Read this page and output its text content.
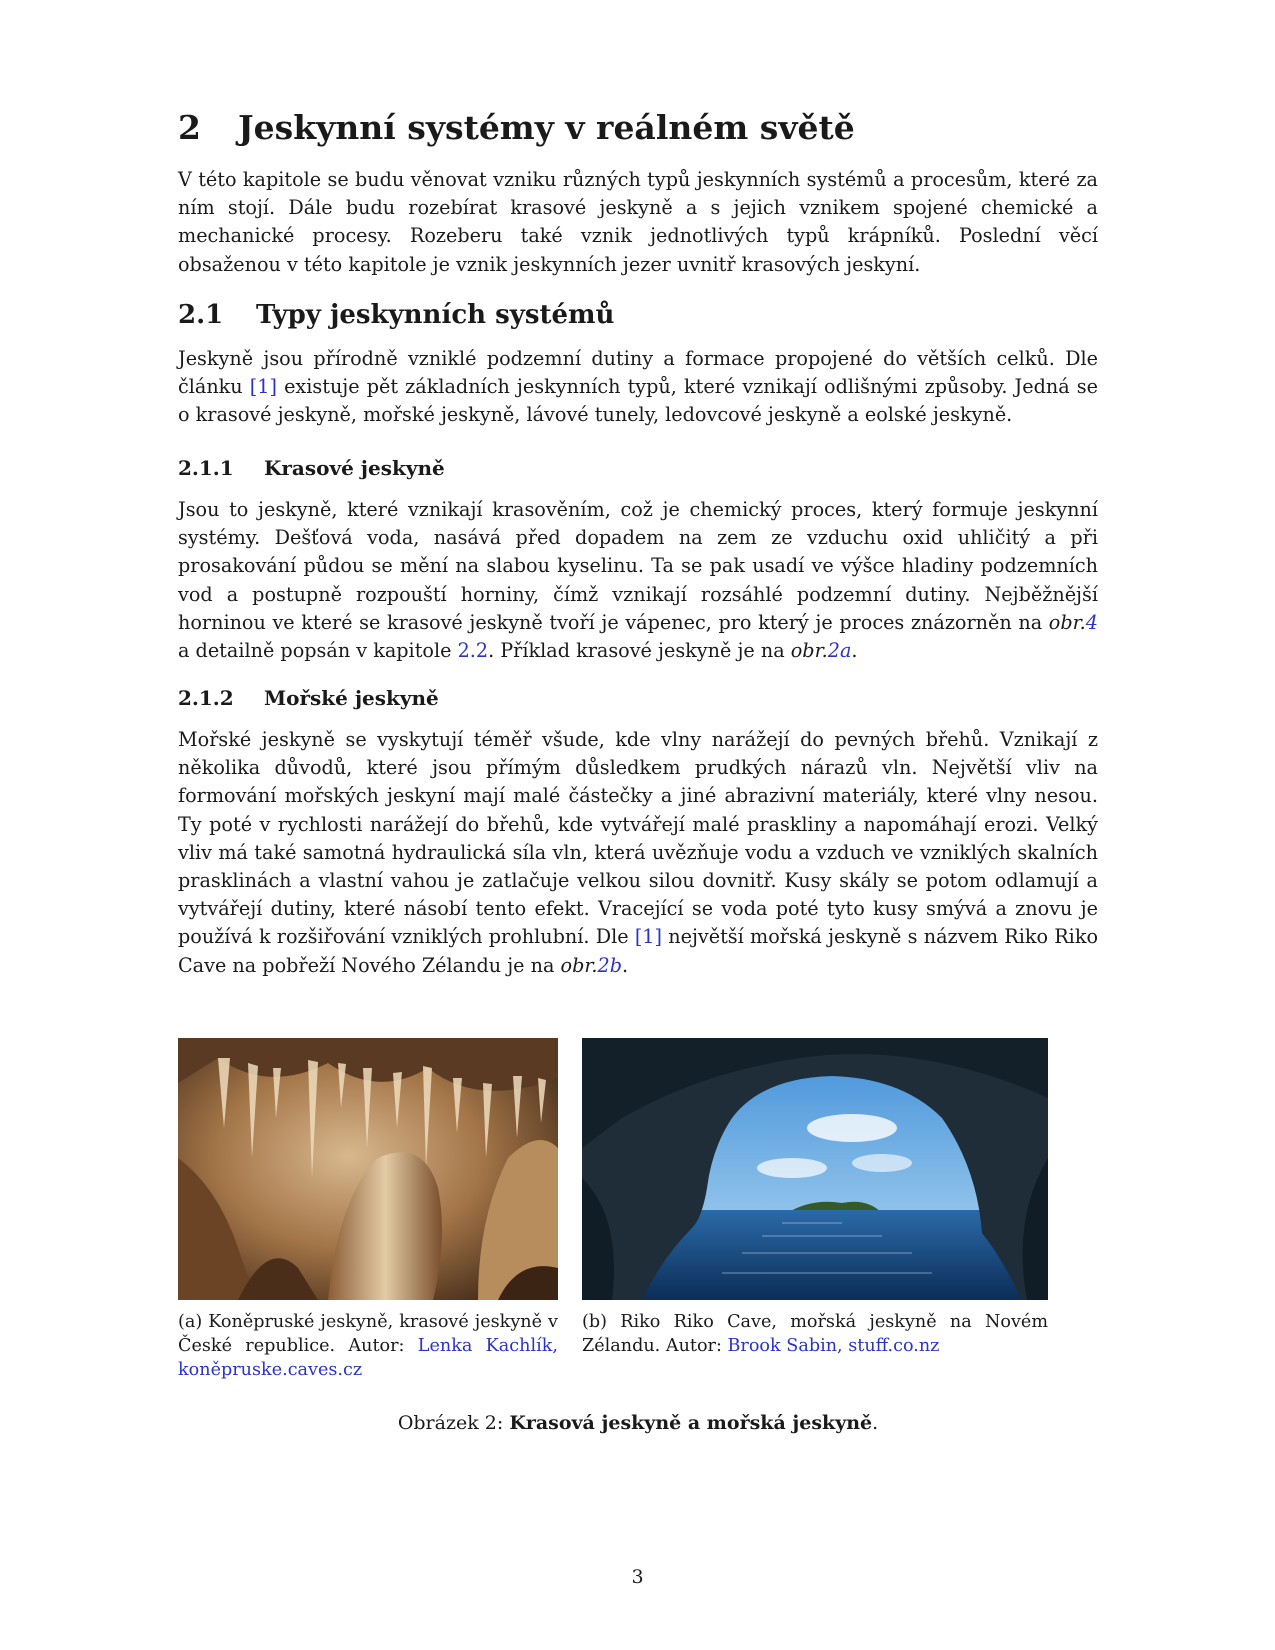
2 Jeskynní systémy v reálném světě

V této kapitole se budu věnovat vzniku různých typů jeskynních systémů a procesům, které za ním stojí. Dále budu rozebírat krasové jeskyně a s jejich vznikem spojené chemické a mechanické procesy. Rozeberu také vznik jednotlivých typů krápníků. Poslední věcí obsaženou v této kapitole je vznik jeskynních jezer uvnitř krasových jeskyní.

2.1 Typy jeskynních systémů

Jeskyně jsou přírodně vzniklé podzemní dutiny a formace propojené do větších celků. Dle článku [1] existuje pět základních jeskynních typů, které vznikají odlišnými způsoby. Jedná se o krasové jeskyně, mořské jeskyně, lávové tunely, ledovcové jeskyně a eolské jeskyně.

2.1.1 Krasové jeskyně

Jsou to jeskyně, které vznikají krasověním, což je chemický proces, který formuje jeskynní systémy. Dešťová voda, nasává před dopadem na zem ze vzduchu oxid uhličitý a při prosakování půdou se mění na slabou kyselinu. Ta se pak usadí ve výšce hladiny podzemních vod a postupně rozpouští horniny, čímž vznikají rozsáhlé podzemní dutiny. Nejběžnější horninou ve které se krasové jeskyně tvoří je vápenec, pro který je proces znázorněn na obr.4 a detailně popsán v kapitole 2.2. Příklad krasové jeskyně je na obr.2a.

2.1.2 Mořské jeskyně

Mořské jeskyně se vyskytují téměř všude, kde vlny narážejí do pevných břehů. Vznikají z několika důvodů, které jsou přímým důsledkem prudkých nárazů vln. Největší vliv na formování mořských jeskyní mají malé částečky a jiné abrazivní materiály, které vlny nesou. Ty poté v rychlosti narážejí do břehů, kde vytvářejí malé praskliny a napomáhají erozi. Velký vliv má také samotná hydraulická síla vln, která uvězňuje vodu a vzduch ve vzniklých skalních prasklinách a vlastní vahou je zatlačuje velkou silou dovnitř. Kusy skály se potom odlamují a vytvářejí dutiny, které násobí tento efekt. Vracející se voda poté tyto kusy smývá a znovu je používá k rozšiřování vzniklých prohlubní. Dle [1] největší mořská jeskyně s názvem Riko Riko Cave na pobřeží Nového Zélandu je na obr.2b.

(a) Koněpruské jeskyně, krasové jeskyně v České republice. Autor: Lenka Kachlík, koněpruske.caves.cz
(b) Riko Riko Cave, mořská jeskyně na Novém Zélandu. Autor: Brook Sabin, stuff.co.nz
Obrázek 2: Krasová jeskyně a mořská jeskyně.
3
